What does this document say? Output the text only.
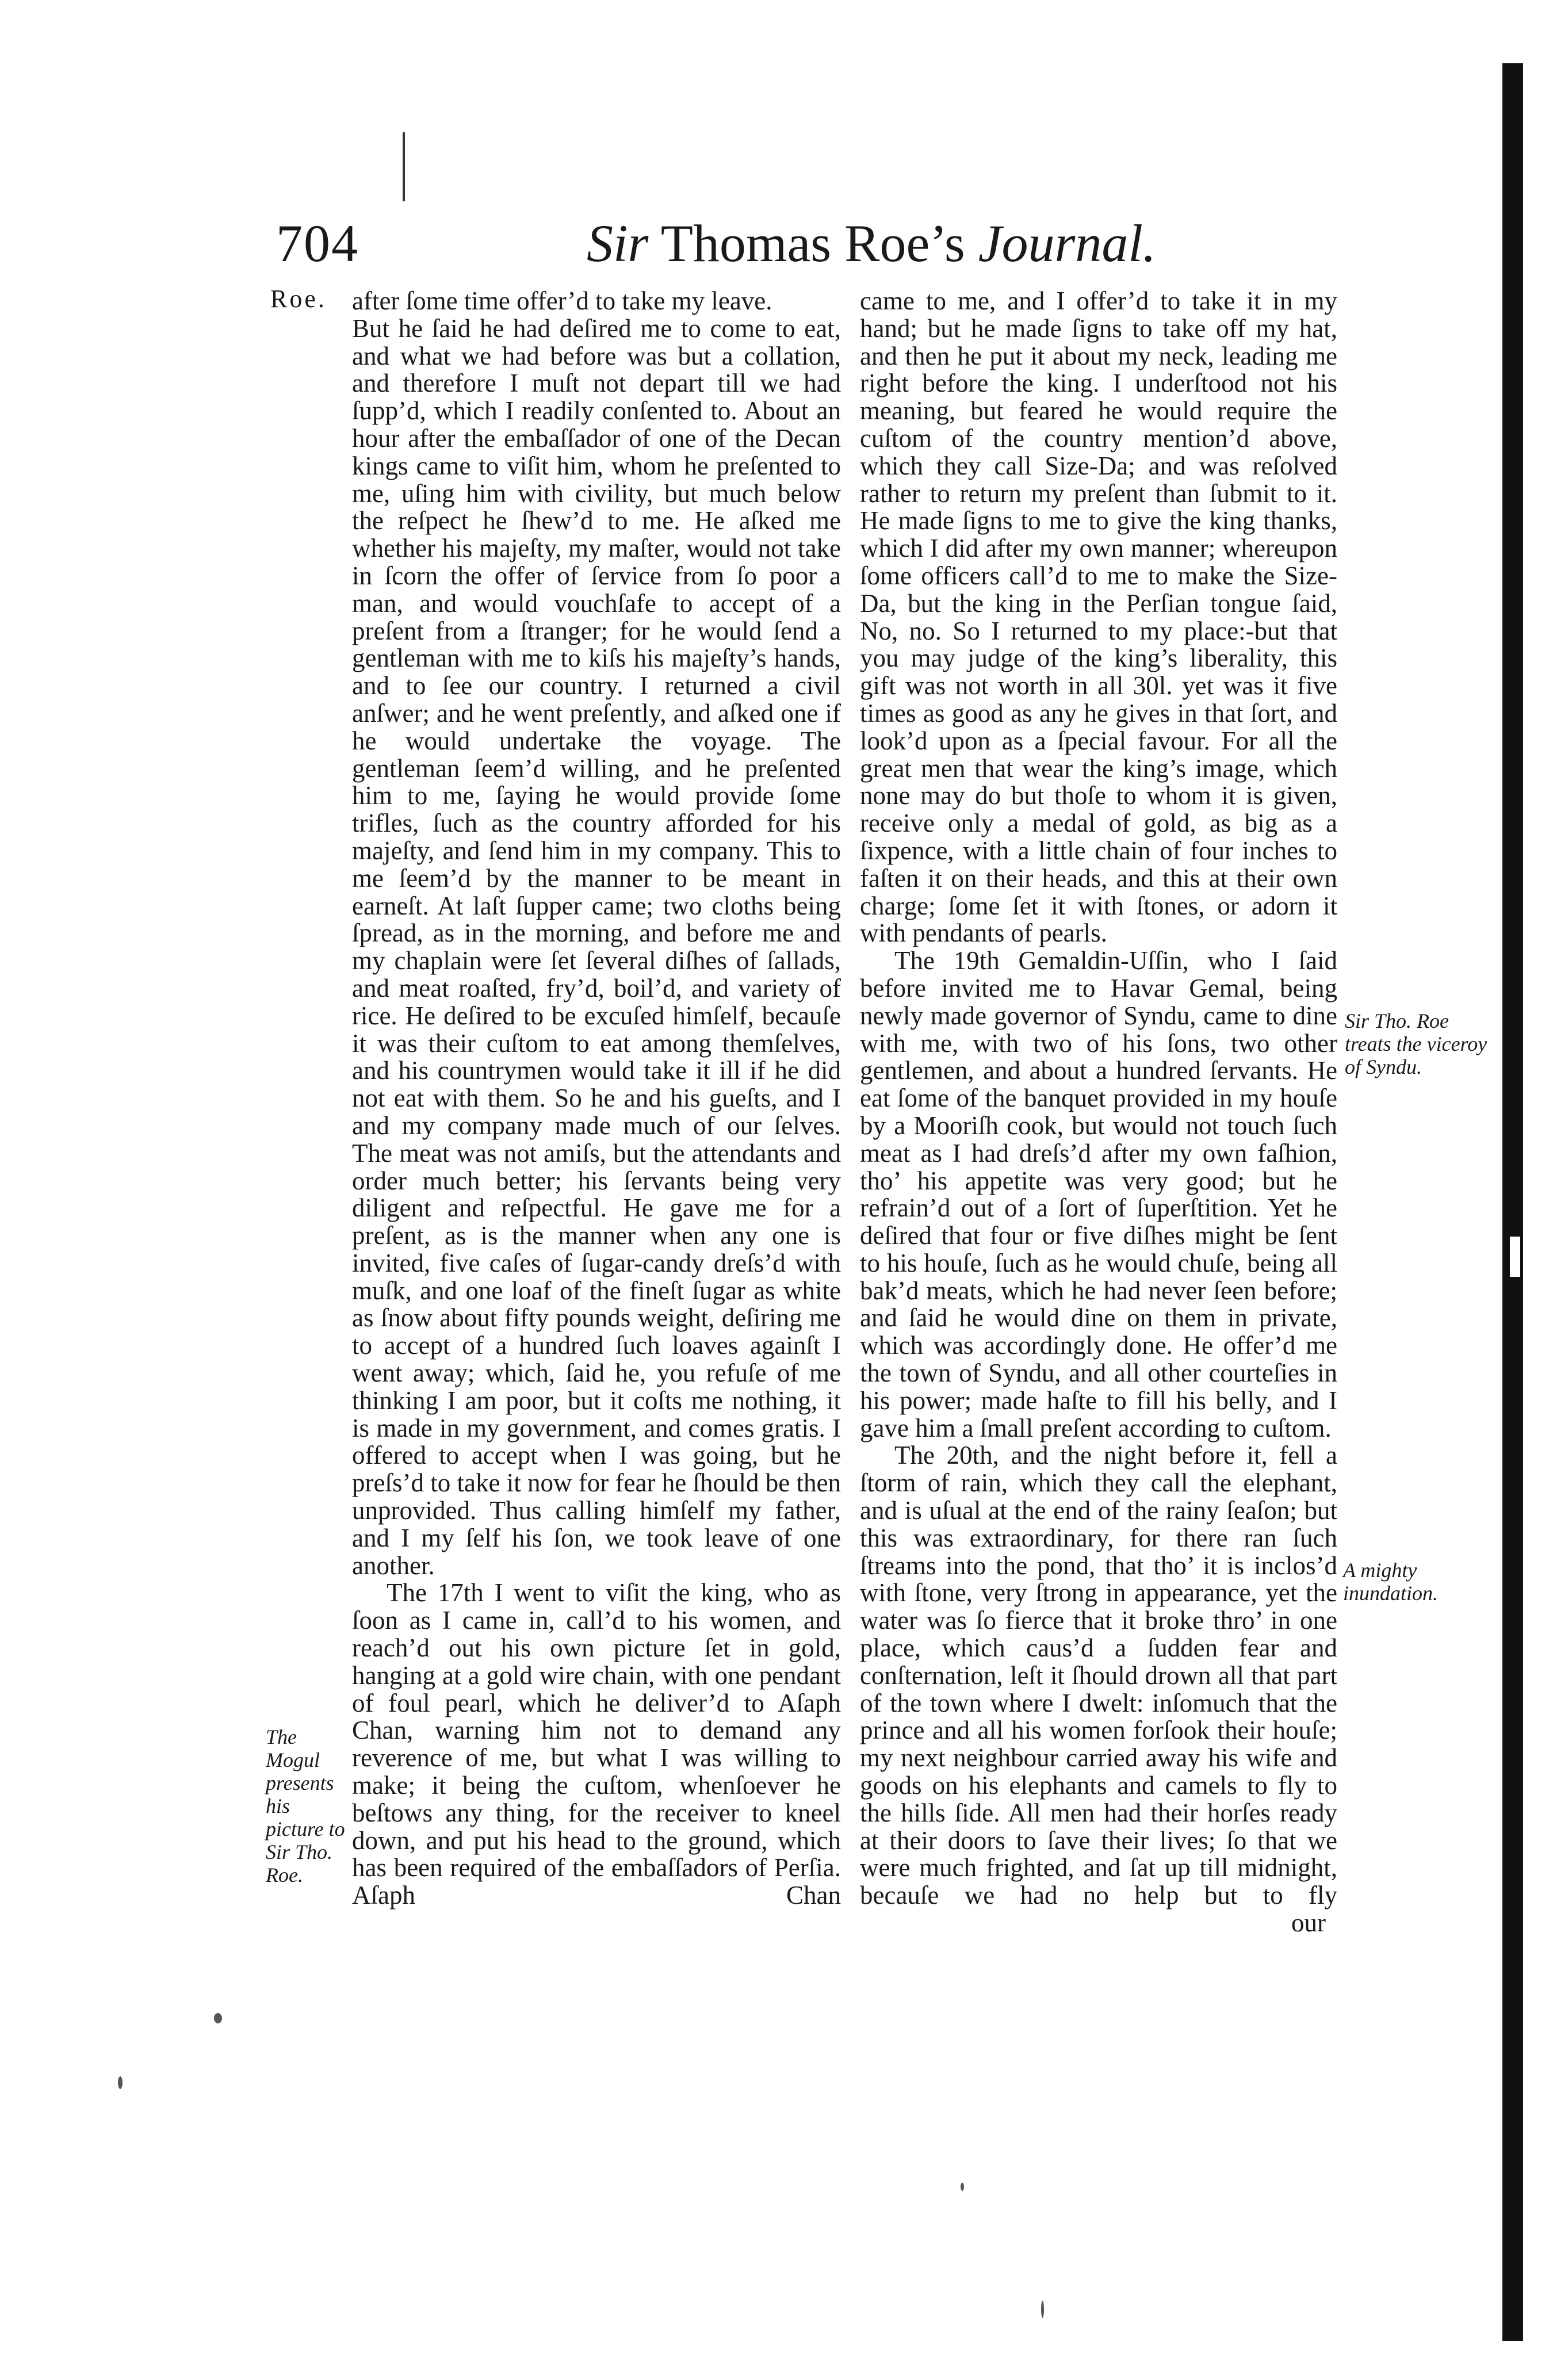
704	Sir Thomas Roe’s Journal.
Roe. after ſome time offer’d to take my leave.

But he ſaid he had deſired me to come to eat, and what we had before was but a collation, and therefore I muſt not depart till we had ſupp’d, which I readily conſented to. About an hour after the embaſſador of one of the Decan kings came to viſit him, whom he preſented to me, uſing him with civility, but much below the reſpect he ſhew’d to me. He aſked me whether his majeſty, my maſter, would not take in ſcorn the offer of ſervice from ſo poor a man, and would vouchſafe to accept of a preſent from a ſtranger; for he would ſend a gentleman with me to kiſs his majeſty’s hands, and to ſee our country. I returned a civil anſwer; and he went preſently, and aſked one if he would undertake the voyage. The gentleman ſeem’d willing, and he preſented him to me, ſaying he would provide ſome trifles, ſuch as the country afforded for his majeſty, and ſend him in my company. This to me ſeem’d by the manner to be meant in earneſt. At laſt ſupper came; two cloths being ſpread, as in the morning, and before me and my chaplain were ſet ſeveral diſhes of ſallads, and meat roaſted, fry’d, boil’d, and variety of rice. He deſired to be excuſed himſelf, becauſe it was their cuſtom to eat among themſelves, and his countrymen would take it ill if he did not eat with them. So he and his gueſts, and I and my company made much of our ſelves. The meat was not amiſs, but the attendants and order much better; his ſervants being very diligent and reſpectful. He gave me for a preſent, as is the manner when any one is invited, five caſes of ſugar-candy dreſs’d with muſk, and one loaf of the fineſt ſugar as white as ſnow about fifty pounds weight, deſiring me to accept of a hundred ſuch loaves againſt I went away; which, ſaid he, you refuſe of me thinking I am poor, but it coſts me nothing, it is made in my government, and comes gratis. I offered to accept when I was going, but he preſs’d to take it now for fear he ſhould be then unprovided. Thus calling himſelf my father, and I my ſelf his ſon, we took leave of one another.

The 17th I went to viſit the king, who as ſoon as I came in, call’d to his women, and reach’d out his own picture ſet in gold, hanging at a gold wire chain, with one pendant of foul pearl, which he deliver’d to Aſaph Chan, warning him not to demand any reverence of me, but what I was willing to make; it being the cuſtom, whenſoever he beſtows any thing, for the receiver to kneel down, and put his head to the ground, which has been required of the embaſſadors of Perſia. Aſaph Chan

The Mogul presents his picture to Sir Tho. Roe.

came to me, and I offer’d to take it in my hand; but he made ſigns to take off my hat, and then he put it about my neck, leading me right before the king. I underſtood not his meaning, but feared he would require the cuſtom of the country mention’d above, which they call Size-Da; and was reſolved rather to return my preſent than ſubmit to it. He made ſigns to me to give the king thanks, which I did after my own manner; whereupon ſome officers call’d to me to make the Size-Da, but the king in the Perſian tongue ſaid, No, no. So I returned to my place:-but that you may judge of the king’s liberality, this gift was not worth in all 30l. yet was it five times as good as any he gives in that ſort, and look’d upon as a ſpecial favour. For all the great men that wear the king’s image, which none may do but thoſe to whom it is given, receive only a medal of gold, as big as a ſixpence, with a little chain of four inches to faſten it on their heads, and this at their own charge; ſome ſet it with ſtones, or adorn it with pendants of pearls.

The 19th Gemaldin-Uſſin, who I ſaid before invited me to Havar Gemal, being newly made governor of Syndu, came to dine with me, with two of his ſons, two other gentlemen, and about a hundred ſervants. He eat ſome of the banquet provided in my houſe by a Mooriſh cook, but would not touch ſuch meat as I had dreſs’d after my own faſhion, tho’ his appetite was very good; but he refrain’d out of a ſort of ſuperſtition. Yet he deſired that four or five diſhes might be ſent to his houſe, ſuch as he would chuſe, being all bak’d meats, which he had never ſeen before; and ſaid he would dine on them in private, which was accordingly done. He offer’d me the town of Syndu, and all other courteſies in his power; made haſte to fill his belly, and I gave him a ſmall preſent according to cuſtom.

The 20th, and the night before it, fell a ſtorm of rain, which they call the elephant, and is uſual at the end of the rainy ſeaſon; but this was extraordinary, for there ran ſuch ſtreams into the pond, that tho’ it is inclos’d with ſtone, very ſtrong in appearance, yet the water was ſo fierce that it broke thro’ in one place, which caus’d a ſudden fear and conſternation, leſt it ſhould drown all that part of the town where I dwelt: inſomuch that the prince and all his women forſook their houſe; my next neighbour carried away his wife and goods on his elephants and camels to fly to the hills ſide. All men had their horſes ready at their doors to ſave their lives; ſo that we were much frighted, and ſat up till midnight, becauſe we had no help but to fly

our

Sir Tho. Roe treats the viceroy of Syndu.
A mighty inundation.
